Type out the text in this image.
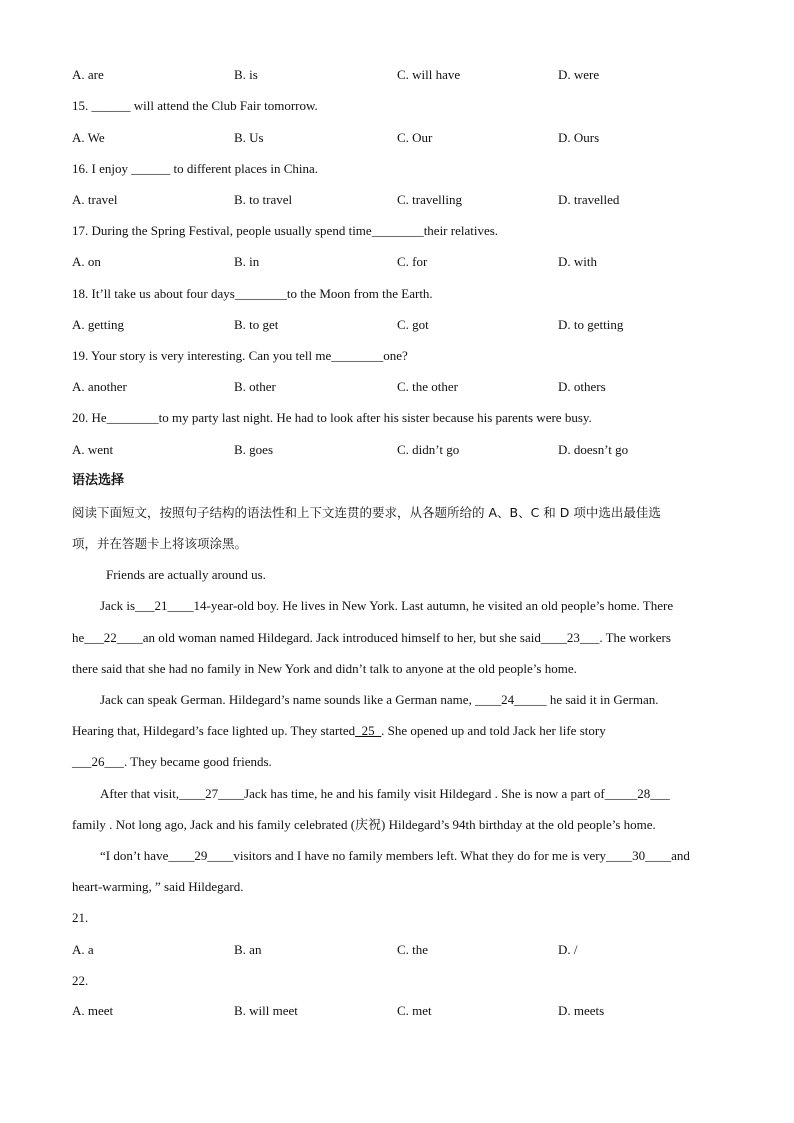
A. are	B. is	C. will have	D. were
15. ______ will attend the Club Fair tomorrow.
A. We	B. Us	C. Our	D. Ours
16. I enjoy ______ to different places in China.
A. travel	B. to travel	C. travelling	D. travelled
17. During the Spring Festival, people usually spend time________their relatives.
A. on	B. in	C. for	D. with
18. It’ll take us about four days________to the Moon from the Earth.
A. getting	B. to get	C. got	D. to getting
19. Your story is very interesting. Can you tell me________one?
A. another	B. other	C. the other	D. others
20. He________to my party last night. He had to look after his sister because his parents were busy.
A. went	B. goes	C. didn’t go	D. doesn’t go
语法选择
阅读下面短文，按照句子结构的语法性和上下文连贯的要求，从各题所给的 A、B、C 和 D 项中选出最佳选
项，并在答题卡上将该项涂黑。
Friends are actually around us.
Jack is___21____14-year-old boy. He lives in New York. Last autumn, he visited an old people’s home. There
he___22____an old woman named Hildegard. Jack introduced himself to her, but she said____23___. The workers
there said that she had no family in New York and didn’t talk to anyone at the old people’s home.
Jack can speak German. Hildegard’s name sounds like a German name, ____24_____ he said it in German.
Hearing that, Hildegard’s face lighted up. They started_25_. She opened up and told Jack her life story
___26___. They became good friends.
After that visit,____27____Jack has time, he and his family visit Hildegard . She is now a part of_____28___
family . Not long ago, Jack and his family celebrated (庆祝) Hildegard’s 94th birthday at the old people’s home.
“I don’t have____29____visitors and I have no family members left. What they do for me is very____30____and
heart-warming, ” said Hildegard.
21.
A. a	B. an	C. the	D. /
22.
A. meet	B. will meet	C. met	D. meets
